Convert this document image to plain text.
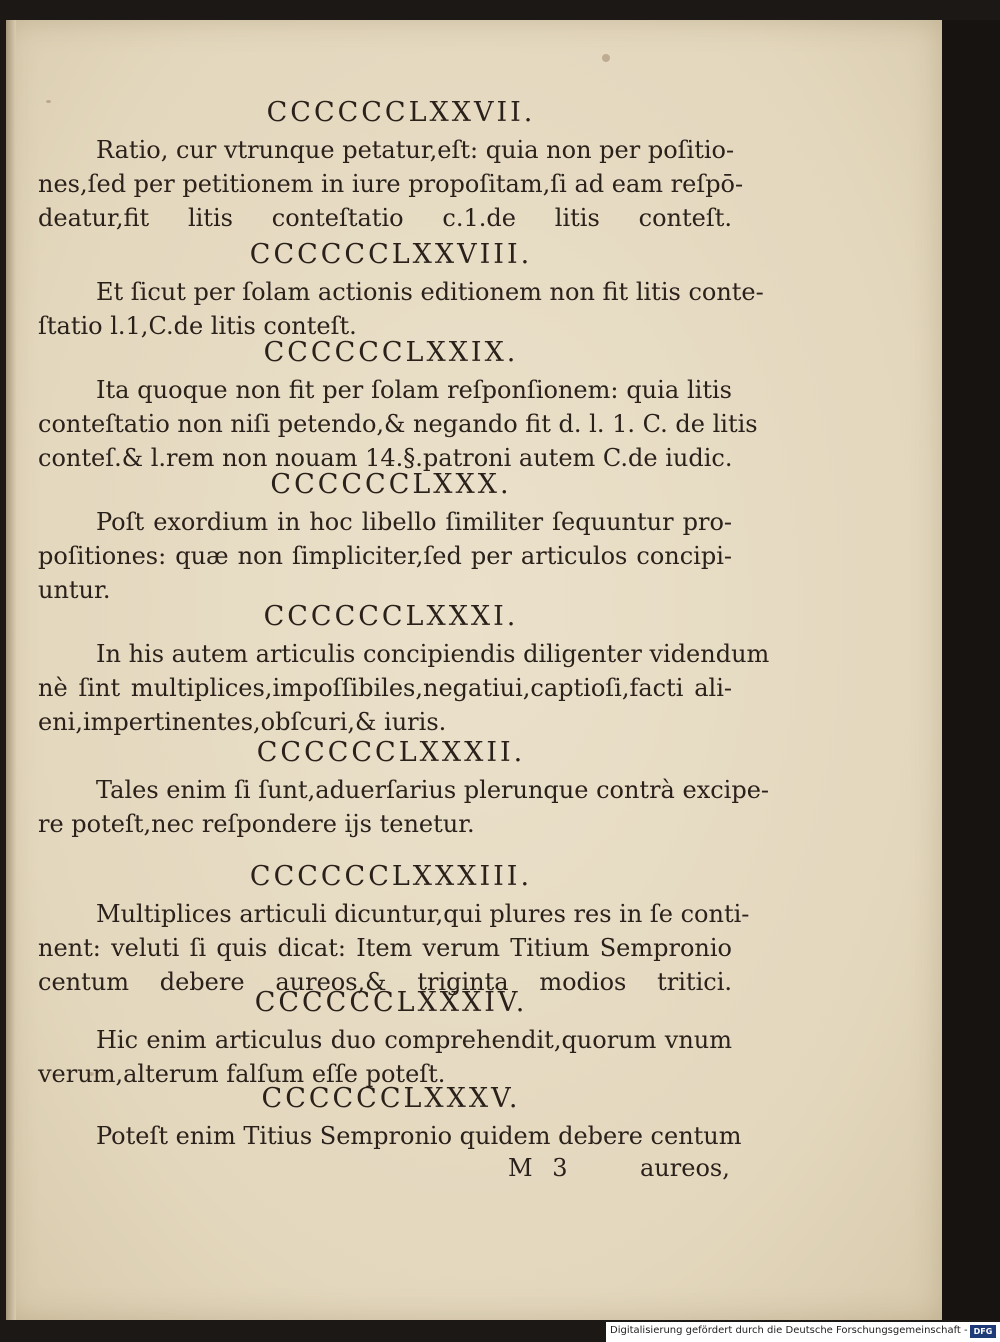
CCCCCCLXXVII.
Ratio, cur vtrunque petatur,eſt: quia non per poſitio-
nes,ſed per petitionem in iure propoſitam,ſi ad eam reſpō-
deatur,fit litis conteſtatio c.1.de litis conteſt.
CCCCCCLXXVIII.
Et ſicut per ſolam actionis editionem non fit litis conte-
ſtatio l.1,C.de litis conteſt.
CCCCCCLXXIX.
Ita quoque non fit per ſolam reſponſionem: quia litis
conteſtatio non niſi petendo,& negando fit d. l. 1. C. de litis
conteſ.& l.rem non nouam 14.§.patroni autem C.de iudic.
CCCCCCLXXX.
Poſt exordium in hoc libello ſimiliter ſequuntur pro-
poſitiones: quæ non ſimpliciter,ſed per articulos concipi-
untur.
CCCCCCLXXXI.
In his autem articulis concipiendis diligenter videndum
nè ſint multiplices,impoſſibiles,negatiui,captioſi,facti ali-
eni,impertinentes,obſcuri,& iuris.
CCCCCCLXXXII.
Tales enim ſi ſunt,aduerſarius plerunque contrà excipe-
re poteſt,nec reſpondere ijs tenetur.
CCCCCCLXXXIII.
Multiplices articuli dicuntur,qui plures res in ſe conti-
nent: veluti ſi quis dicat: Item verum Titium Sempronio
centum debere aureos,& triginta modios tritici.
CCCCCCLXXXIV.
Hic enim articulus duo comprehendit,quorum vnum
verum,alterum falſum eſſe poteſt.
CCCCCCLXXXV.
Poteſt enim Titius Sempronio quidem debere centum
M 3	aureos,
Digitalisierung gefördert durch die Deutsche Forschungsgemeinschaft - DFG
